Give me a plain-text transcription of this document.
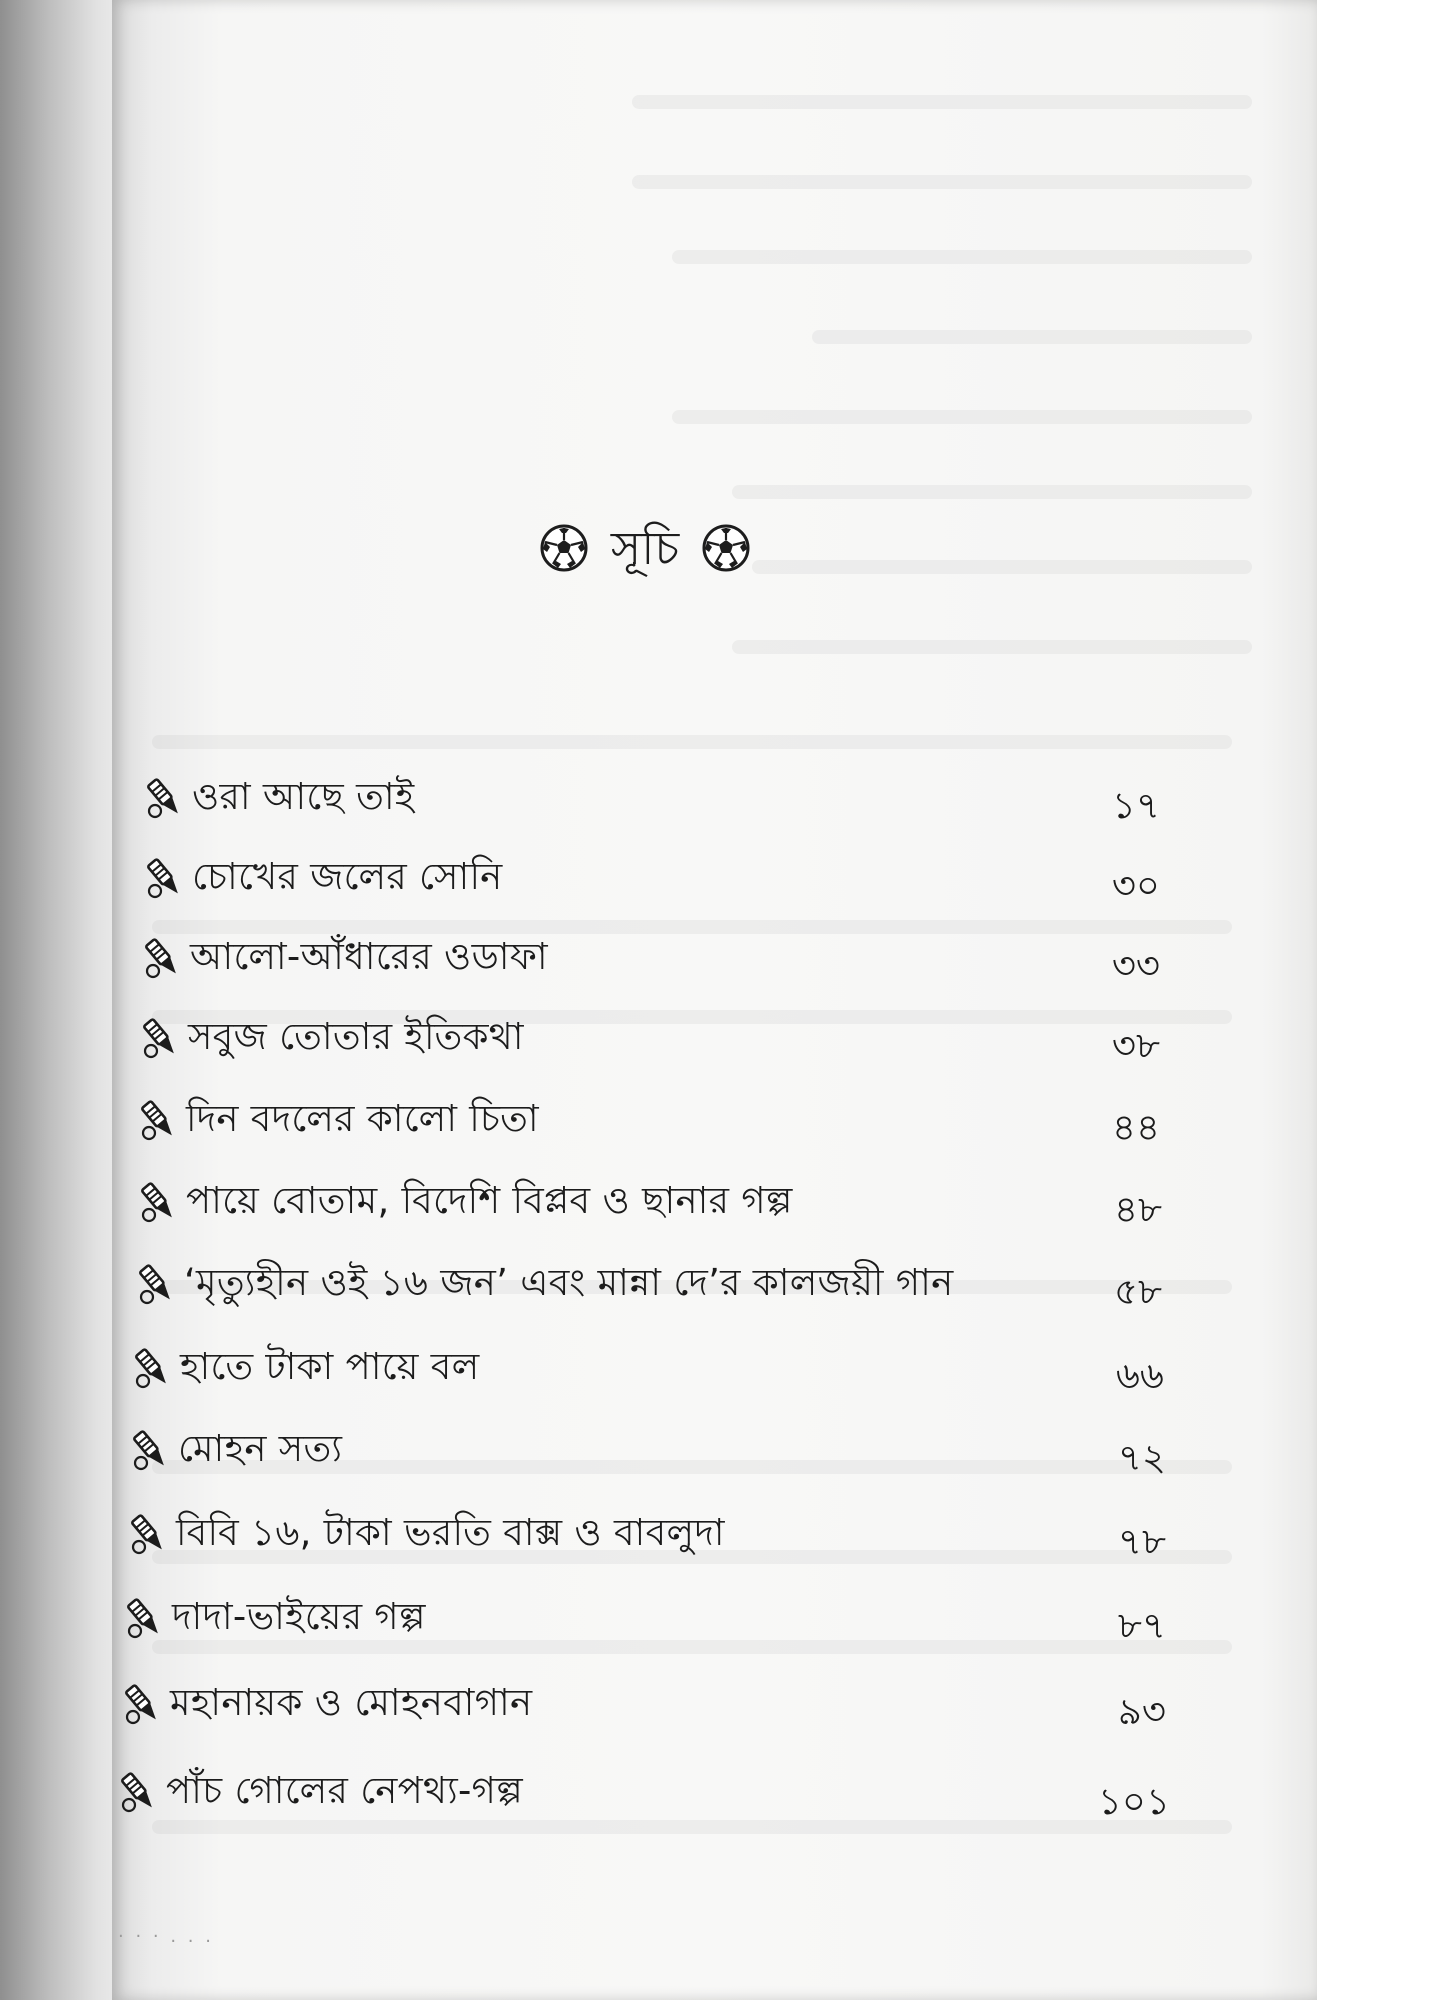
সূচি
ওরা আছে তাই	১৭
চোখের জলের সোনি	৩০
আলো-আঁধারের ওডাফা	৩৩
সবুজ তোতার ইতিকথা	৩৮
দিন বদলের কালো চিতা	৪৪
পায়ে বোতাম, বিদেশি বিপ্লব ও ছানার গল্প	৪৮
‘মৃত্যুহীন ওই ১৬ জন’ এবং মান্না দে’র কালজয়ী গান	৫৮
হাতে টাকা পায়ে বল	৬৬
মোহন সত্য	৭২
বিবি ১৬, টাকা ভরতি বাক্স ও বাবলুদা	৭৮
দাদা-ভাইয়ের গল্প	৮৭
মহানায়ক ও মোহনবাগান	৯৩
পাঁচ গোলের নেপথ্য-গল্প	১০১
· · · . . .
